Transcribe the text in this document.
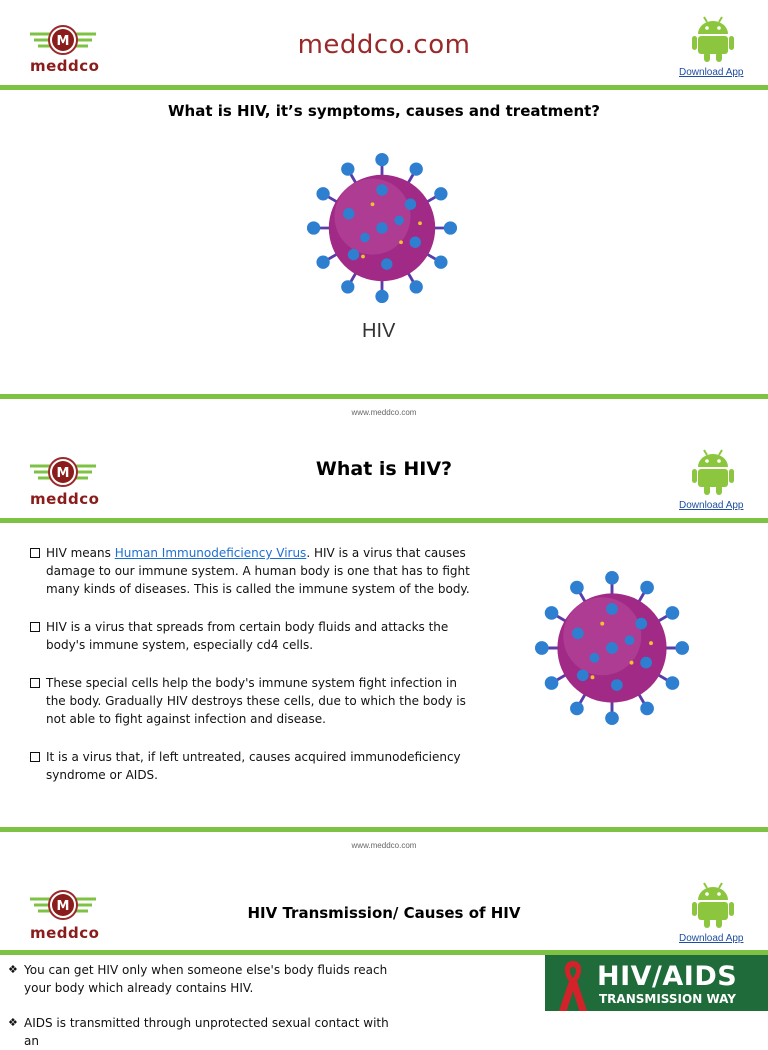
M
meddco
meddco.com
Download App
What is HIV, it’s symptoms, causes and treatment?
HIV
www.meddco.com
M
meddco
What is HIV?
Download App
HIV means Human Immunodeficiency Virus. HIV is a virus that causes damage to our immune system. A human body is one that has to fight many kinds of diseases. This is called the immune system of the body.
HIV is a virus that spreads from certain body fluids and attacks the body's immune system, especially cd4 cells.
These special cells help the body's immune system fight infection in the body. Gradually HIV destroys these cells, due to which the body is not able to fight against infection and disease.
It is a virus that, if left untreated, causes acquired immunodeficiency syndrome or AIDS.
www.meddco.com
M
meddco
HIV Transmission/ Causes of HIV
Download App
❖ You can get HIV only when someone else's body fluids reach your body which already contains HIV.
❖ AIDS is transmitted through unprotected sexual contact with an
HIV/AIDS
TRANSMISSION WAY
